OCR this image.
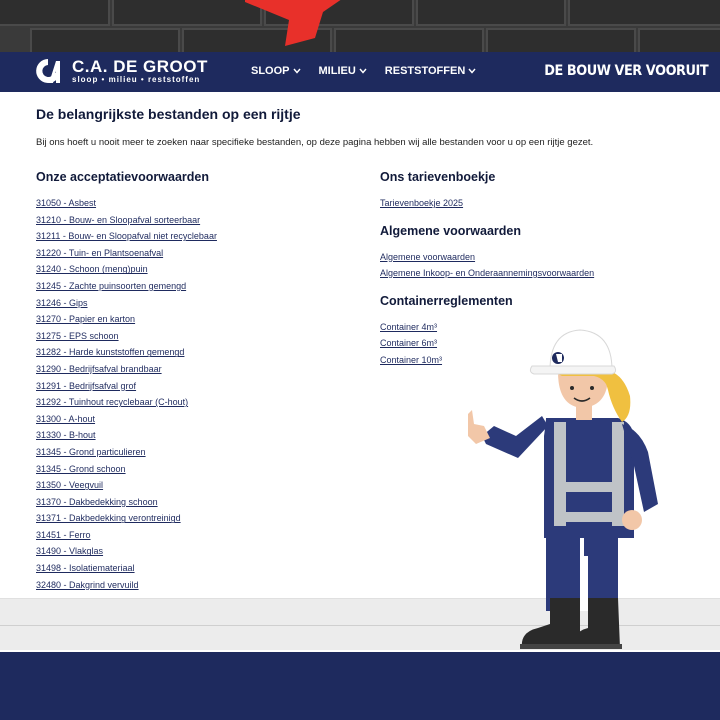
C.A. DE GROOT
sloop • milieu • reststoffen
SLOOP	MILIEU	RESTSTOFFEN	DE BOUW VER VOORUIT
De belangrijkste bestanden op een rijtje

Bij ons hoeft u nooit meer te zoeken naar specifieke bestanden, op deze pagina hebben wij alle bestanden voor u op een rijtje gezet.

Onze acceptatievoorwaarden
31050 - Asbest
31210 - Bouw- en Sloopafval sorteerbaar
31211 - Bouw- en Sloopafval niet recyclebaar
31220 - Tuin- en Plantsoenafval
31240 - Schoon (meng)puin
31245 - Zachte puinsoorten gemengd
31246 - Gips
31270 - Papier en karton
31275 - EPS schoon
31282 - Harde kunststoffen gemengd
31290 - Bedrijfsafval brandbaar
31291 - Bedrijfsafval grof
31292 - Tuinhout recyclebaar (C-hout)
31300 - A-hout
31330 - B-hout
31345 - Grond particulieren
31345 - Grond schoon
31350 - Veegvuil
31370 - Dakbedekking schoon
31371 - Dakbedekking verontreinigd
31451 - Ferro
31490 - Vlakglas
31498 - Isolatiemateriaal
32480 - Dakgrind vervuild
Ons tarievenboekje
Tarievenboekje 2025
Algemene voorwaarden
Algemene voorwaarden
Algemene Inkoop- en Onderaannemingsvoorwaarden
Containerreglementen
Container 4m³
Container 6m³
Container 10m³
